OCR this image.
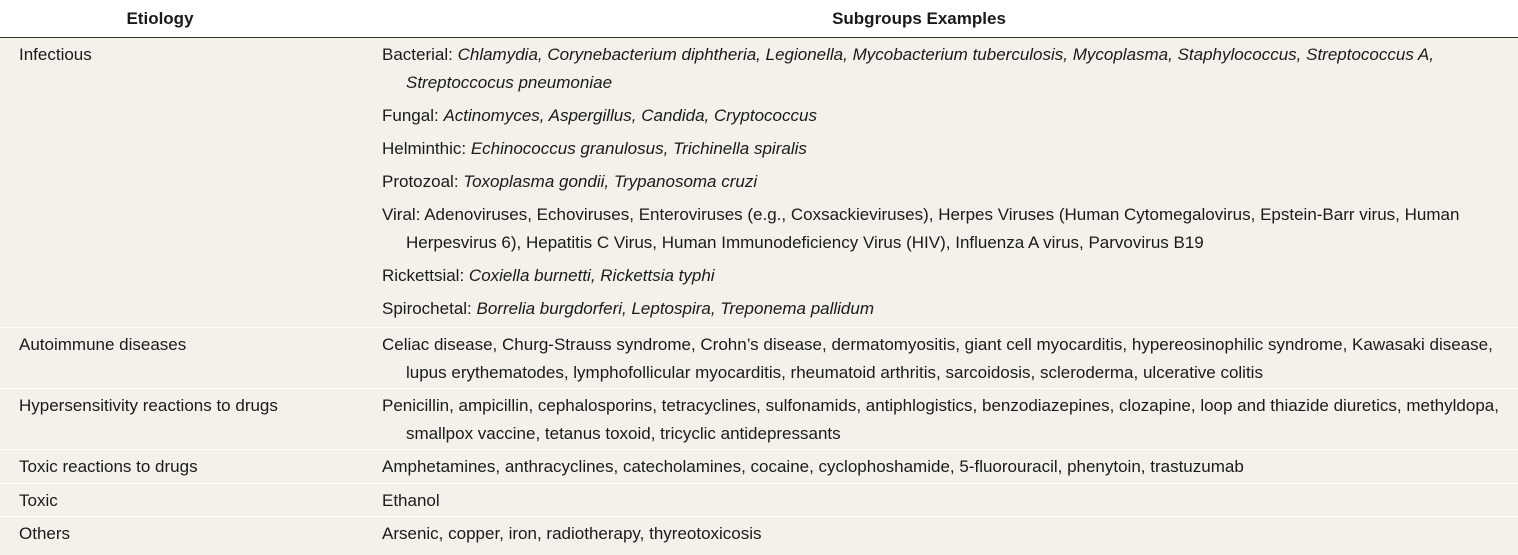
Etiology	Subgroups Examples
Infectious	Bacterial: Chlamydia, Corynebacterium diphtheria, Legionella, Mycobacterium tuberculosis, Mycoplasma, Staphylococcus, Streptococcus A, Streptoccocus pneumoniae
Fungal: Actinomyces, Aspergillus, Candida, Cryptococcus
Helminthic: Echinococcus granulosus, Trichinella spiralis
Protozoal: Toxoplasma gondii, Trypanosoma cruzi
Viral: Adenoviruses, Echoviruses, Enteroviruses (e.g., Coxsackieviruses), Herpes Viruses (Human Cytomegalovirus, Epstein-Barr virus, Human Herpesvirus 6), Hepatitis C Virus, Human Immunodeficiency Virus (HIV), Influenza A virus, Parvovirus B19
Rickettsial: Coxiella burnetti, Rickettsia typhi
Spirochetal: Borrelia burgdorferi, Leptospira, Treponema pallidum
Autoimmune diseases	Celiac disease, Churg-Strauss syndrome, Crohn’s disease, dermatomyositis, giant cell myocarditis, hypereosinophilic syndrome, Kawasaki disease, lupus erythematodes, lymphofollicular myocarditis, rheumatoid arthritis, sarcoidosis, scleroderma, ulcerative colitis
Hypersensitivity reactions to drugs	Penicillin, ampicillin, cephalosporins, tetracyclines, sulfonamids, antiphlogistics, benzodiazepines, clozapine, loop and thiazide diuretics, methyldopa, smallpox vaccine, tetanus toxoid, tricyclic antidepressants
Toxic reactions to drugs	Amphetamines, anthracyclines, catecholamines, cocaine, cyclophoshamide, 5-fluorouracil, phenytoin, trastuzumab
Toxic	Ethanol
Others	Arsenic, copper, iron, radiotherapy, thyreotoxicosis
